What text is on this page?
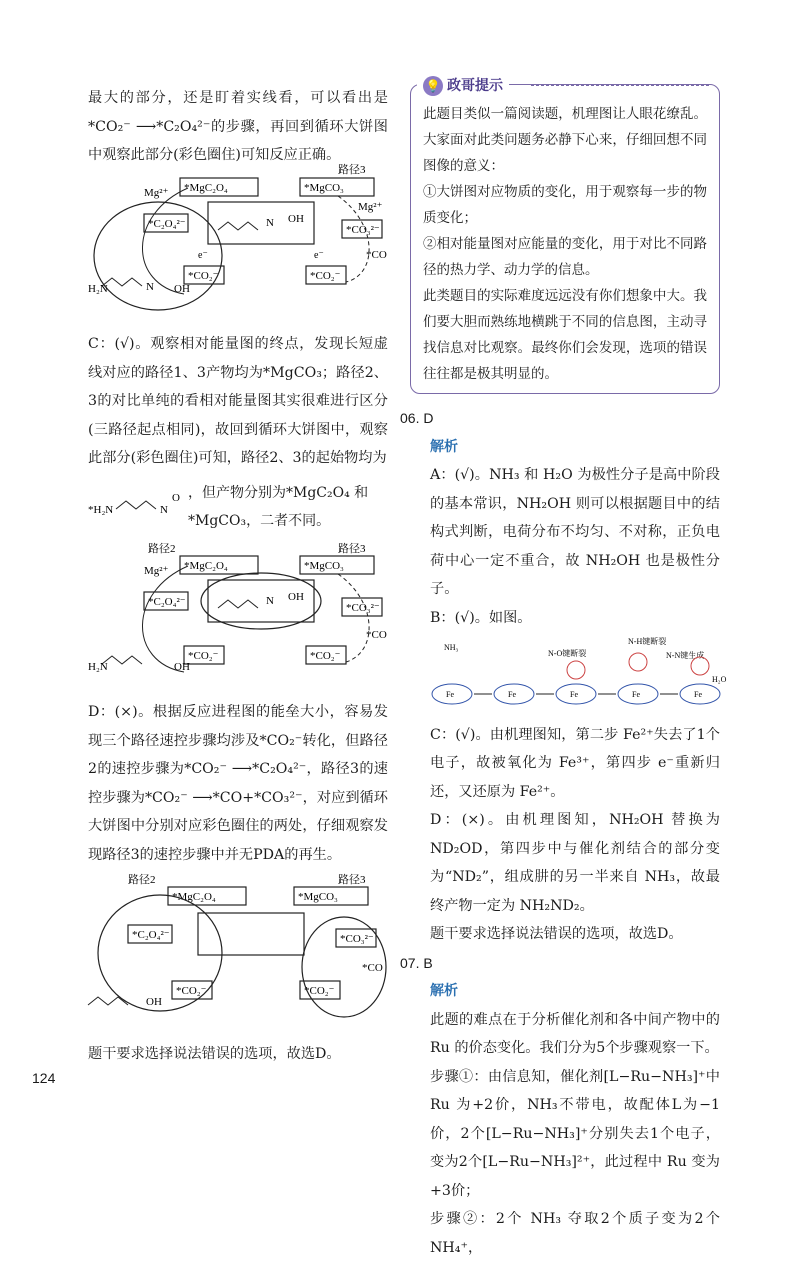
最大的部分，还是盯着实线看，可以看出是*CO₂⁻ ⟶*C₂O₄²⁻的步骤，再回到循环大饼图中观察此部分(彩色圈住)可知反应正确。

*MgC₂O₄	*MgCO₃
路径3
Mg²⁺
Mg²⁺
*C₂O₄²⁻	*CO₃²⁻
N OH
*CO₂⁻	*CO₂⁻
*CO
e⁻	e⁻
H₂N	N OH

C：(√)。观察相对能量图的终点，发现长短虚线对应的路径1、3产物均为*MgCO₃；路径2、3的对比单纯的看相对能量图其实很难进行区分(三路径起点相同)，故回到循环大饼图中，观察此部分(彩色圈住)可知，路径2、3的起始物均为

*H₂N	N
O ，但产物分别为*MgC₂O₄ 和*MgCO₃，二者不同。
路径2	路径3
*MgC₂O₄	*MgCO₃
Mg²⁺
*C₂O₄²⁻	*CO₃²⁻
N OH
*CO₂⁻	*CO₂⁻
*CO
H₂N	OH

D：(×)。根据反应进程图的能垒大小，容易发现三个路径速控步骤均涉及*CO₂⁻转化，但路径2的速控步骤为*CO₂⁻ ⟶*C₂O₄²⁻，路径3的速控步骤为*CO₂⁻ ⟶*CO+*CO₃²⁻，对应到循环大饼图中分别对应彩色圈住的两处，仔细观察发现路径3的速控步骤中并无PDA的再生。

路径2	路径3
*MgC₂O₄	*MgCO₃
*C₂O₄²⁻	*CO₃²⁻
*CO₂⁻	*CO₂⁻
*CO
OH

题干要求选择说法错误的选项，故选D。

💡 政哥提示

此题目类似一篇阅读题，机理图让人眼花缭乱。大家面对此类问题务必静下心来，仔细回想不同图像的意义：

①大饼图对应物质的变化，用于观察每一步的物质变化；

②相对能量图对应能量的变化，用于对比不同路径的热力学、动力学的信息。

此类题目的实际难度远远没有你们想象中大。我们要大胆而熟练地横跳于不同的信息图，主动寻找信息对比观察。最终你们会发现，选项的错误往往都是极其明显的。

06. D
解析

A：(√)。NH₃ 和 H₂O 为极性分子是高中阶段的基本常识，NH₂OH 则可以根据题目中的结构式判断，电荷分布不均匀、不对称，正负电荷中心一定不重合，故 NH₂OH 也是极性分子。

B：(√)。如图。

NH₃
N-O键断裂
N-H键断裂
N-N键生成
H₂O
Fe	Fe	Fe	Fe	Fe

C：(√)。由机理图知，第二步 Fe²⁺失去了1个电子，故被氧化为 Fe³⁺，第四步 e⁻重新归还，又还原为 Fe²⁺。

D：(×)。由机理图知，NH₂OH 替换为 ND₂OD，第四步中与催化剂结合的部分变为“ND₂”，组成肼的另一半来自 NH₃，故最终产物一定为 NH₂ND₂。

题干要求选择说法错误的选项，故选D。

07. B
解析

此题的难点在于分析催化剂和各中间产物中的 Ru 的价态变化。我们分为5个步骤观察一下。

步骤①：由信息知，催化剂[L−Ru−NH₃]⁺中 Ru 为+2价，NH₃不带电，故配体L为−1价，2个[L−Ru−NH₃]⁺分别失去1个电子，变为2个[L−Ru−NH₃]²⁺，此过程中 Ru 变为+3价；

步骤②：2个 NH₃ 夺取2个质子变为2个 NH₄⁺，

124
